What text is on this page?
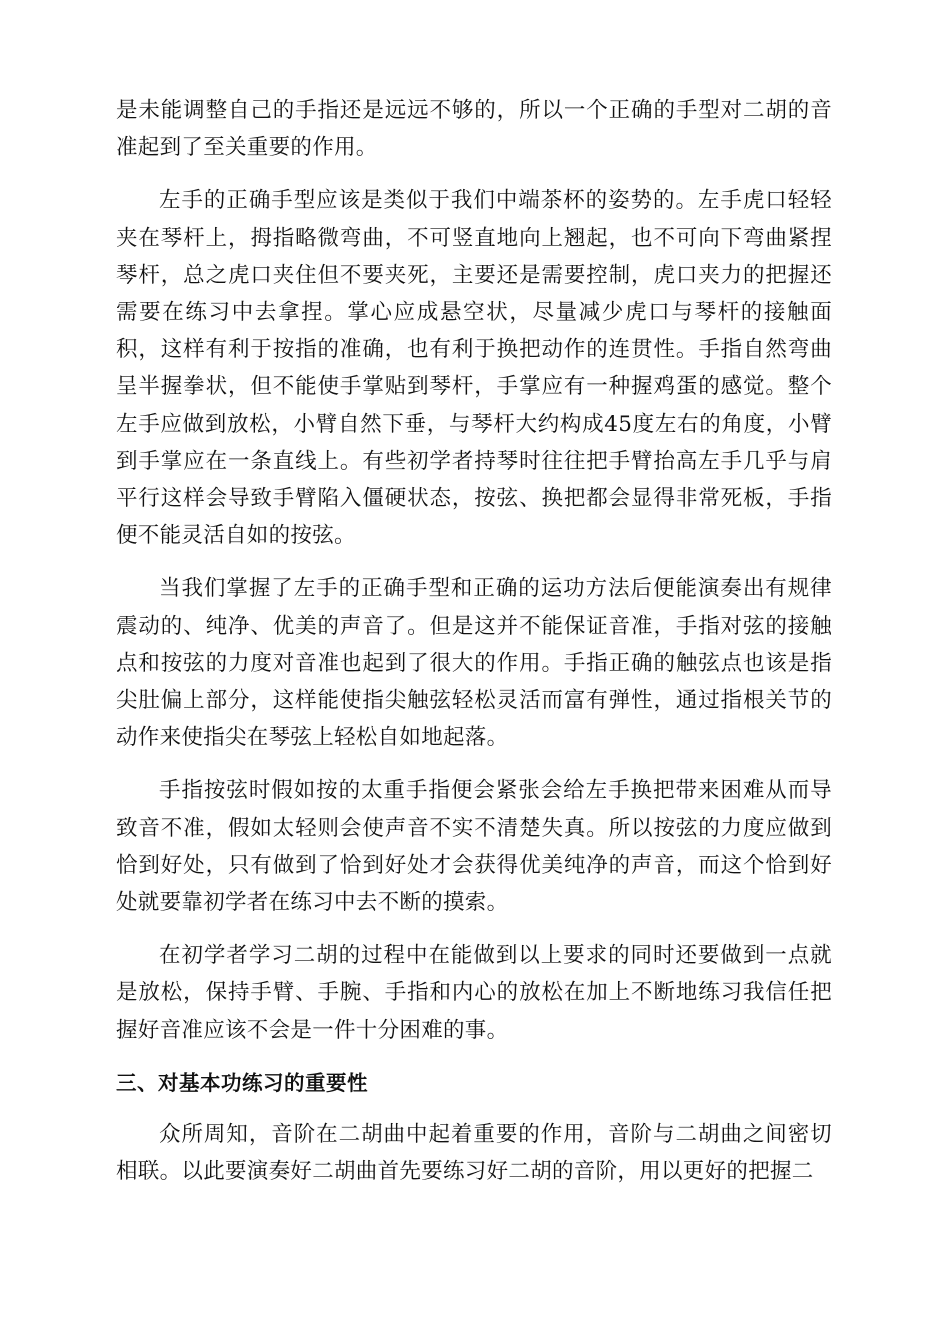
是未能调整自己的手指还是远远不够的，所以一个正确的手型对二胡的音准起到了至关重要的作用。

左手的正确手型应该是类似于我们中端茶杯的姿势的。左手虎口轻轻夹在琴杆上，拇指略微弯曲，不可竖直地向上翘起，也不可向下弯曲紧捏琴杆，总之虎口夹住但不要夹死，主要还是需要控制，虎口夹力的把握还需要在练习中去拿捏。掌心应成悬空状，尽量减少虎口与琴杆的接触面积，这样有利于按指的准确，也有利于换把动作的连贯性。手指自然弯曲呈半握拳状，但不能使手掌贴到琴杆，手掌应有一种握鸡蛋的感觉。整个左手应做到放松，小臂自然下垂，与琴杆大约构成45度左右的角度，小臂到手掌应在一条直线上。有些初学者持琴时往往把手臂抬高左手几乎与肩平行这样会导致手臂陷入僵硬状态，按弦、换把都会显得非常死板，手指便不能灵活自如的按弦。

当我们掌握了左手的正确手型和正确的运功方法后便能演奏出有规律震动的、纯净、优美的声音了。但是这并不能保证音准，手指对弦的接触点和按弦的力度对音准也起到了很大的作用。手指正确的触弦点也该是指尖肚偏上部分，这样能使指尖触弦轻松灵活而富有弹性，通过指根关节的动作来使指尖在琴弦上轻松自如地起落。

手指按弦时假如按的太重手指便会紧张会给左手换把带来困难从而导致音不准，假如太轻则会使声音不实不清楚失真。所以按弦的力度应做到恰到好处，只有做到了恰到好处才会获得优美纯净的声音，而这个恰到好处就要靠初学者在练习中去不断的摸索。

在初学者学习二胡的过程中在能做到以上要求的同时还要做到一点就是放松，保持手臂、手腕、手指和内心的放松在加上不断地练习我信任把握好音准应该不会是一件十分困难的事。

三、对基本功练习的重要性

众所周知，音阶在二胡曲中起着重要的作用，音阶与二胡曲之间密切相联。以此要演奏好二胡曲首先要练习好二胡的音阶，用以更好的把握二
